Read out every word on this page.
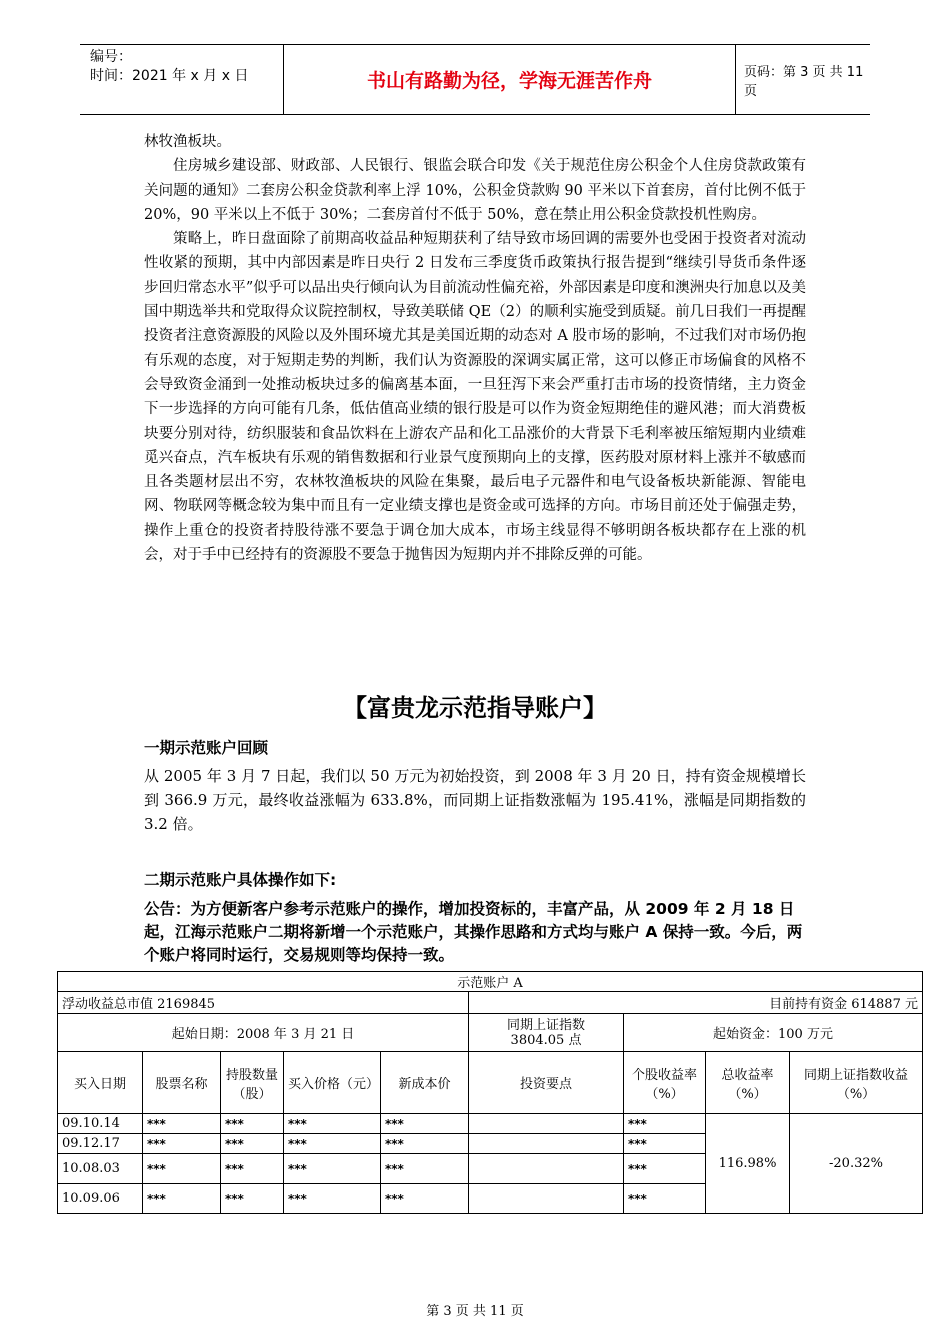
编号：
时间：2021 年 x 月 x 日	书山有路勤为径，学海无涯苦作舟	页码：第 3 页 共 11 页

林牧渔板块。

住房城乡建设部、财政部、人民银行、银监会联合印发《关于规范住房公积金个人住房贷款政策有关问题的通知》二套房公积金贷款利率上浮 10%，公积金贷款购 90 平米以下首套房，首付比例不低于 20%，90 平米以上不低于 30%；二套房首付不低于 50%，意在禁止用公积金贷款投机性购房。

策略上，昨日盘面除了前期高收益品种短期获利了结导致市场回调的需要外也受困于投资者对流动性收紧的预期，其中内部因素是昨日央行 2 日发布三季度货币政策执行报告提到“继续引导货币条件逐步回归常态水平”似乎可以品出央行倾向认为目前流动性偏充裕，外部因素是印度和澳洲央行加息以及美国中期选举共和党取得众议院控制权，导致美联储 QE（2）的顺利实施受到质疑。前几日我们一再提醒投资者注意资源股的风险以及外围环境尤其是美国近期的动态对 A 股市场的影响，不过我们对市场仍抱有乐观的态度，对于短期走势的判断，我们认为资源股的深调实属正常，这可以修正市场偏食的风格不会导致资金涌到一处推动板块过多的偏离基本面，一旦狂泻下来会严重打击市场的投资情绪，主力资金下一步选择的方向可能有几条，低估值高业绩的银行股是可以作为资金短期绝佳的避风港；而大消费板块要分别对待，纺织服装和食品饮料在上游农产品和化工品涨价的大背景下毛利率被压缩短期内业绩难觅兴奋点，汽车板块有乐观的销售数据和行业景气度预期向上的支撑，医药股对原材料上涨并不敏感而且各类题材层出不穷，农林牧渔板块的风险在集聚，最后电子元器件和电气设备板块新能源、智能电网、物联网等概念较为集中而且有一定业绩支撑也是资金或可选择的方向。市场目前还处于偏强走势，操作上重仓的投资者持股待涨不要急于调仓加大成本，市场主线显得不够明朗各板块都存在上涨的机会，对于手中已经持有的资源股不要急于抛售因为短期内并不排除反弹的可能。

【富贵龙示范指导账户】
一期示范账户回顾

从 2005 年 3 月 7 日起，我们以 50 万元为初始投资，到 2008 年 3 月 20 日，持有资金规模增长到 366.9 万元，最终收益涨幅为 633.8%，而同期上证指数涨幅为 195.41%，涨幅是同期指数的 3.2 倍。

二期示范账户具体操作如下:

公告：为方便新客户参考示范账户的操作，增加投资标的，丰富产品，从 2009 年 2 月 18 日起，江海示范账户二期将新增一个示范账户，其操作思路和方式均与账户 A 保持一致。今后，两个账户将同时运行，交易规则等均保持一致。

示范账户 A								
浮动收益总市值 2169845					目前持有资金 614887 元			
起始日期：2008 年 3 月 21 日					同期上证指数
3804.05 点	起始资金：100 万元		
买入日期	股票名称	持股数量（股）	买入价格（元）	新成本价	投资要点	个股收益率（%）	总收益率（%）	同期上证指数收益（%）
09.10.14	***	***	***	***		***	116.98%	-20.32%
09.12.17	***	***	***	***		***		
10.08.03	***	***	***	***		***		
10.09.06	***	***	***	***		***		
第 3 页 共 11 页
